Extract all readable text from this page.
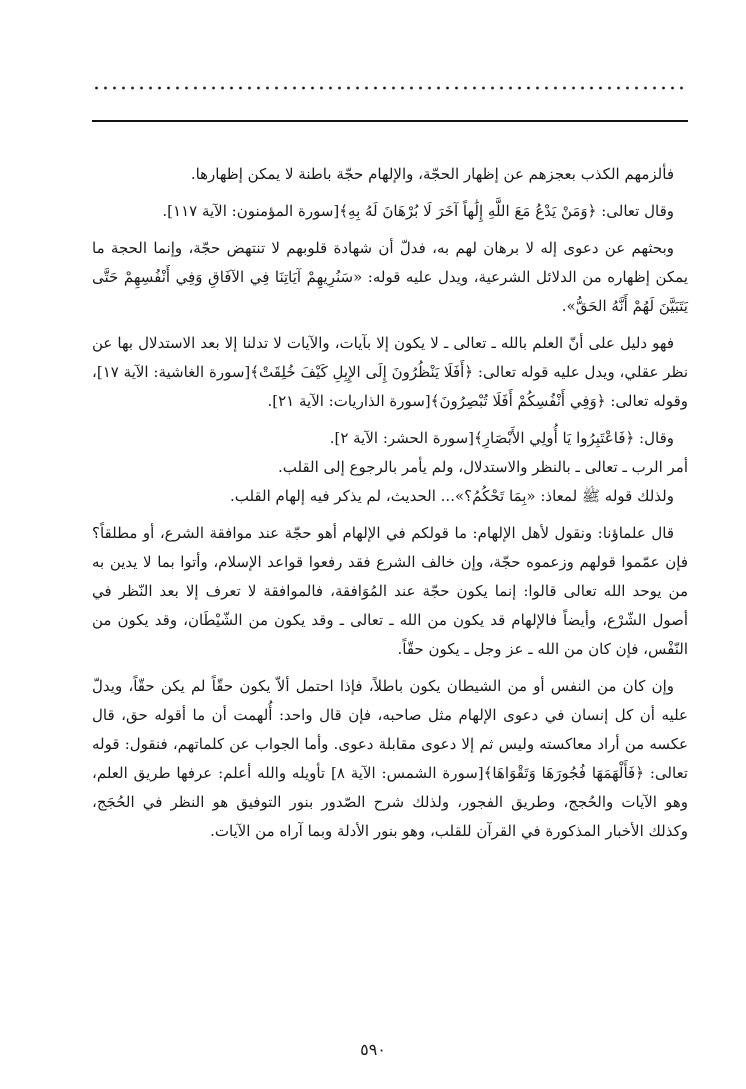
فألزمهم الكذب بعجزهم عن إظهار الحجّة، والإلهام حجّة باطنة لا يمكن إظهارها.

وقال تعالى: ﴿وَمَنْ يَدْعُ مَعَ اللَّهِ إِلَٰهاً آخَرَ لَا بُرْهَانَ لَهُ بِهِ﴾[سورة المؤمنون: الآية ١١٧].

وبحثهم عن دعوى إله لا برهان لهم به، فدلّ أن شهادة قلوبهم لا تنتهض حجّة، وإنما الحجة ما يمكن إظهاره من الدلائل الشرعية، ويدل عليه قوله: «سَنُرِيهِمْ آيَاتِنَا فِي الآفَاقِ وَفِي أَنْفُسِهِمْ حَتَّى يَتَبَيَّنَ لَهُمْ أَنَّهُ الحَقُّ».

فهو دليل على أنّ العلم بالله ـ تعالى ـ لا يكون إلا بآيات، والآيات لا تدلنا إلا بعد الاستدلال بها عن نظر عقلي، ويدل عليه قوله تعالى: ﴿أَفَلَا يَنْظُرُونَ إِلَى الإِبِلِ كَيْفَ خُلِقَتْ﴾[سورة الغاشية: الآية ١٧]، وقوله تعالى: ﴿وَفِي أَنْفُسِكُمْ أَفَلَا تُبْصِرُونَ﴾[سورة الذاريات: الآية ٢١].

وقال: ﴿فَاعْتَبِرُوا يَا أُولِي الأَبْصَارِ﴾[سورة الحشر: الآية ٢].

أمر الرب ـ تعالى ـ بالنظر والاستدلال، ولم يأمر بالرجوع إلى القلب.

ولذلك قوله ﷺ لمعاذ: «بِمَا تَحْكُمُ؟»... الحديث، لم يذكر فيه إلهام القلب.

قال علماؤنا: ونقول لأهل الإلهام: ما قولكم في الإلهام أهو حجّة عند موافقة الشرع، أو مطلقاً؟ فإن عمّموا قولهم وزعموه حجّة، وإن خالف الشرع فقد رفعوا قواعد الإسلام، وأتوا بما لا يدين به من يوحد الله تعالى قالوا: إنما يكون حجّة عند المُوَافقة، فالموافقة لا تعرف إلا بعد النّظر في أصول الشّرْع، وأيضاً فالإلهام قد يكون من الله ـ تعالى ـ وقد يكون من الشّيْطَان، وقد يكون من النّفْس، فإن كان من الله ـ عز وجل ـ يكون حقّاً.

وإن كان من النفس أو من الشيطان يكون باطلاً، فإذا احتمل ألاّ يكون حقّاً لم يكن حقّاً، ويدلّ عليه أن كل إنسان في دعوى الإلهام مثل صاحبه، فإن قال واحد: أُلهمت أن ما أقوله حق، قال عكسه من أراد معاكسته وليس ثم إلا دعوى مقابلة دعوى. وأما الجواب عن كلماتهم، فنقول: قوله تعالى: ﴿فَأَلْهَمَهَا فُجُورَهَا وَتَقْوَاهَا﴾[سورة الشمس: الآية ٨] تأويله والله أعلم: عرفها طريق العلم، وهو الآيات والحُجج، وطريق الفجور، ولذلك شرح الصّدور بنور التوفيق هو النظر في الحُجَج، وكذلك الأخبار المذكورة في القرآن للقلب، وهو بنور الأدلة وبما آراه من الآيات.

٥٩٠
